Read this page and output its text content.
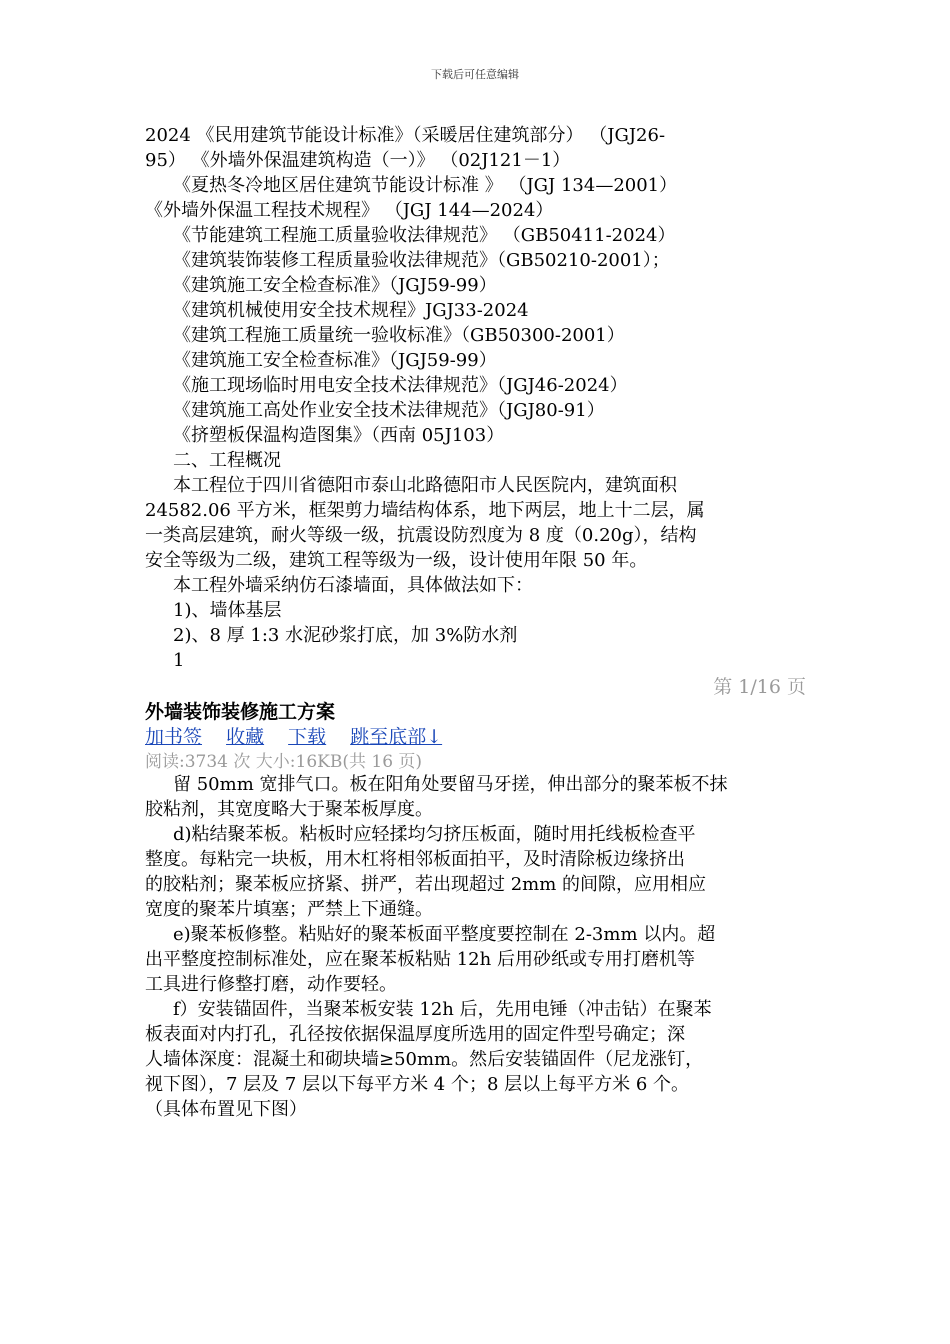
下载后可任意编辑
2024 《民用建筑节能设计标准》（采暖居住建筑部分） （JGJ26-
95） 《外墙外保温建筑构造（一）》 （02J121－1）
《夏热冬冷地区居住建筑节能设计标准 》 （JGJ 134—2001）
《外墙外保温工程技术规程》 （JGJ 144—2024）
《节能建筑工程施工质量验收法律规范》 （GB50411-2024）
《建筑装饰装修工程质量验收法律规范》（GB50210-2001）；
《建筑施工安全检查标准》（JGJ59-99）
《建筑机械使用安全技术规程》JGJ33-2024
《建筑工程施工质量统一验收标准》（GB50300-2001）
《建筑施工安全检查标准》（JGJ59-99）
《施工现场临时用电安全技术法律规范》（JGJ46-2024）
《建筑施工高处作业安全技术法律规范》（JGJ80-91）
《挤塑板保温构造图集》（西南 05J103）
二、工程概况
本工程位于四川省德阳市泰山北路德阳市人民医院内，建筑面积
24582.06 平方米，框架剪力墙结构体系，地下两层，地上十二层，属
一类高层建筑，耐火等级一级，抗震设防烈度为 8 度（0.20g），结构
安全等级为二级，建筑工程等级为一级，设计使用年限 50 年。
本工程外墙采纳仿石漆墙面，具体做法如下：
1)、墙体基层
2)、8 厚 1:3 水泥砂浆打底，加 3%防水剂
1
第 1/16 页
外墙装饰装修施工方案
加书签 收藏 下载 跳至底部↓
阅读:3734 次 大小:16KB(共 16 页)
留 50mm 宽排气口。板在阳角处要留马牙搓，伸出部分的聚苯板不抹
胶粘剂，其宽度略大于聚苯板厚度。
d)粘结聚苯板。粘板时应轻揉均匀挤压板面，随时用托线板检查平
整度。每粘完一块板，用木杠将相邻板面拍平，及时清除板边缘挤出
的胶粘剂；聚苯板应挤紧、拼严，若出现超过 2mm 的间隙，应用相应
宽度的聚苯片填塞；严禁上下通缝。
e)聚苯板修整。粘贴好的聚苯板面平整度要控制在 2-3mm 以内。超
出平整度控制标准处，应在聚苯板粘贴 12h 后用砂纸或专用打磨机等
工具进行修整打磨，动作要轻。
f）安装锚固件，当聚苯板安装 12h 后，先用电锤（冲击钻）在聚苯
板表面对内打孔，孔径按依据保温厚度所选用的固定件型号确定；深
人墙体深度：混凝土和砌块墙≥50mm。然后安装锚固件（尼龙涨钉，
视下图），7 层及 7 层以下每平方米 4 个；8 层以上每平方米 6 个。
（具体布置见下图）
